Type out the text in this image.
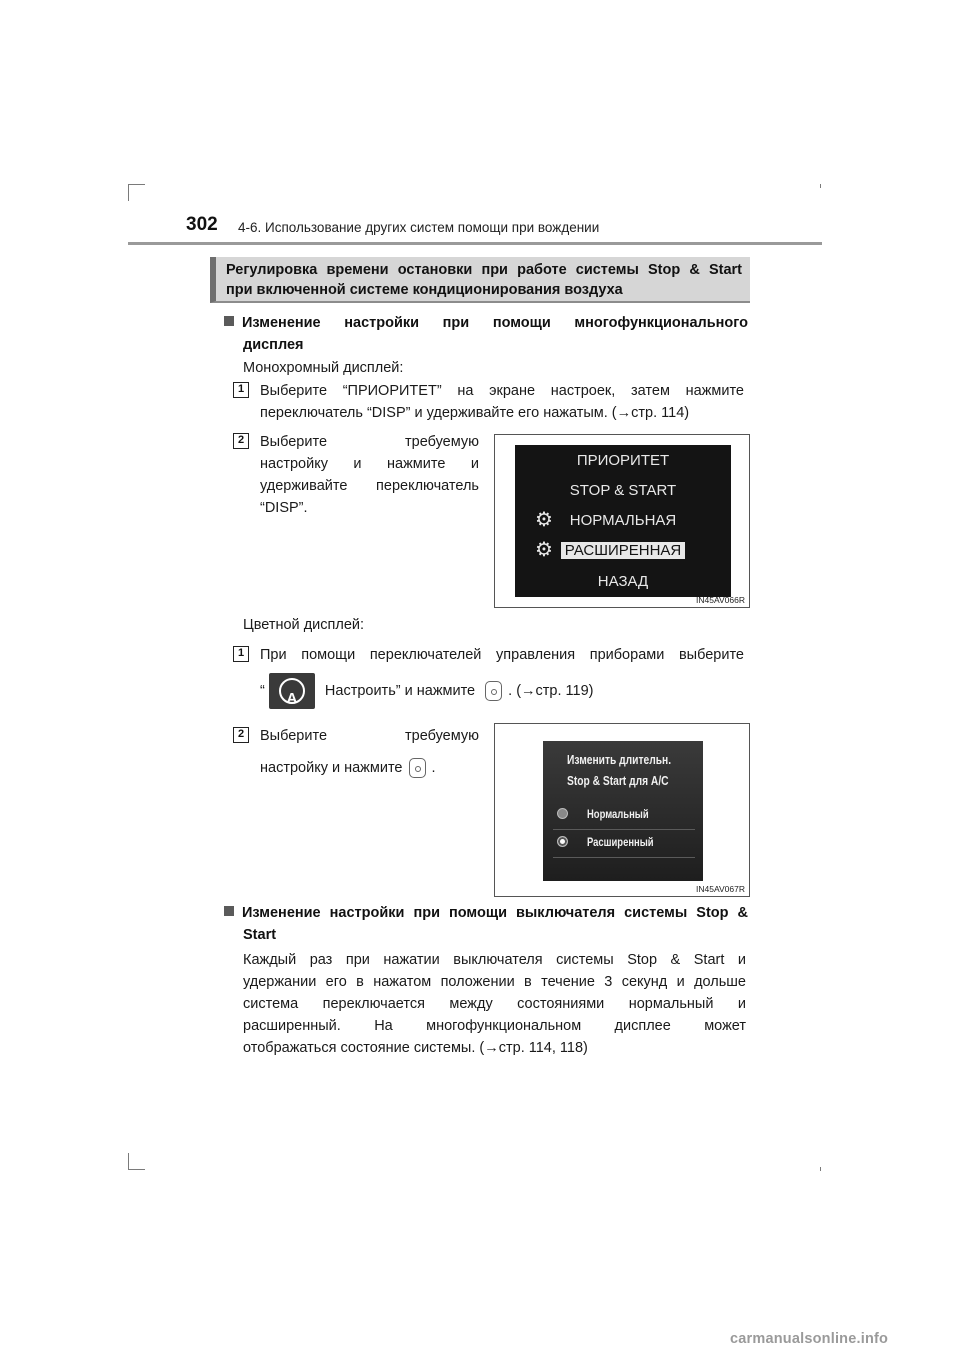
302 4-6. Использование других систем помощи при вождении
Регулировка времени остановки при работе системы Stop & Start
при включенной системе кондиционирования воздуха
Изменение настройки при помощи многофункционального
дисплея
Монохромный дисплей:
1	Выберите “ПРИОРИТЕТ” на экране настроек, затем нажмите
переключатель “DISP” и удерживайте его нажатым. (→стр. 114)
2	Выберите требуемую
настройку и нажмите и
удерживайте переключатель
“DISP”.
ПРИОРИТЕТ
STOP & START
⚙	НОРМАЛЬНАЯ
⚙ РАСШИРЕННАЯ
НАЗАД
IN45AV066R
Цветной дисплей:
1	При помощи переключателей управления приборами выберите
“	A	Настроить” и нажмите . (→стр. 119)
2	Выберите требуемую
настройку и нажмите .	Изменить длительн.
Stop & Start для A/C
Нормальный
Расширенный
IN45AV067R
Изменение настройки при помощи выключателя системы Stop &
Start
Каждый раз при нажатии выключателя системы Stop & Start и
удержании его в нажатом положении в течение 3 секунд и дольше
система переключается между состояниями нормальный и
расширенный. На многофункциональном дисплее может
отображаться состояние системы. (→стр. 114, 118)
carmanualsonline.info
